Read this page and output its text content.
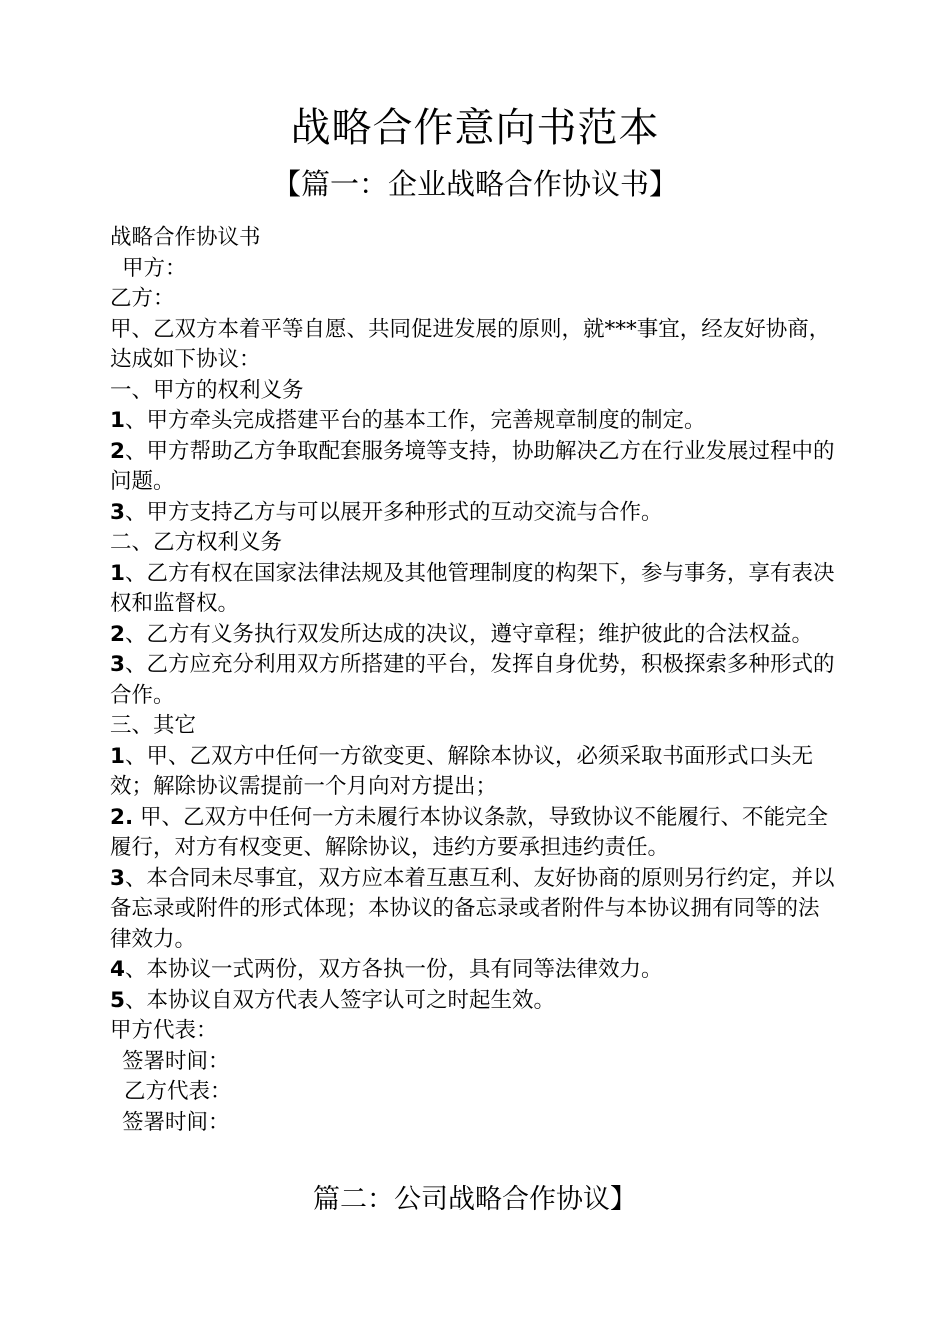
战略合作意向书范本
【篇一：企业战略合作协议书】

战略合作协议书

甲方：

乙方：

甲、乙双方本着平等自愿、共同促进发展的原则，就***事宜，经友好协商，达成如下协议：

一、甲方的权利义务

1、甲方牵头完成搭建平台的基本工作，完善规章制度的制定。

2、甲方帮助乙方争取配套服务境等支持，协助解决乙方在行业发展过程中的问题。

3、甲方支持乙方与可以展开多种形式的互动交流与合作。

二、乙方权利义务

1、乙方有权在国家法律法规及其他管理制度的构架下，参与事务，享有表决权和监督权。

2、乙方有义务执行双发所达成的决议，遵守章程；维护彼此的合法权益。

3、乙方应充分利用双方所搭建的平台，发挥自身优势，积极探索多种形式的合作。

三、其它

1、甲、乙双方中任何一方欲变更、解除本协议，必须采取书面形式口头无效；解除协议需提前一个月向对方提出；

2. 甲、乙双方中任何一方未履行本协议条款，导致协议不能履行、不能完全履行，对方有权变更、解除协议，违约方要承担违约责任。

3、本合同未尽事宜，双方应本着互惠互利、友好协商的原则另行约定，并以备忘录或附件的形式体现；本协议的备忘录或者附件与本协议拥有同等的法律效力。

4、本协议一式两份，双方各执一份，具有同等法律效力。

5、本协议自双方代表人签字认可之时起生效。

甲方代表：

签署时间：

乙方代表：

签署时间：

篇二：公司战略合作协议】
